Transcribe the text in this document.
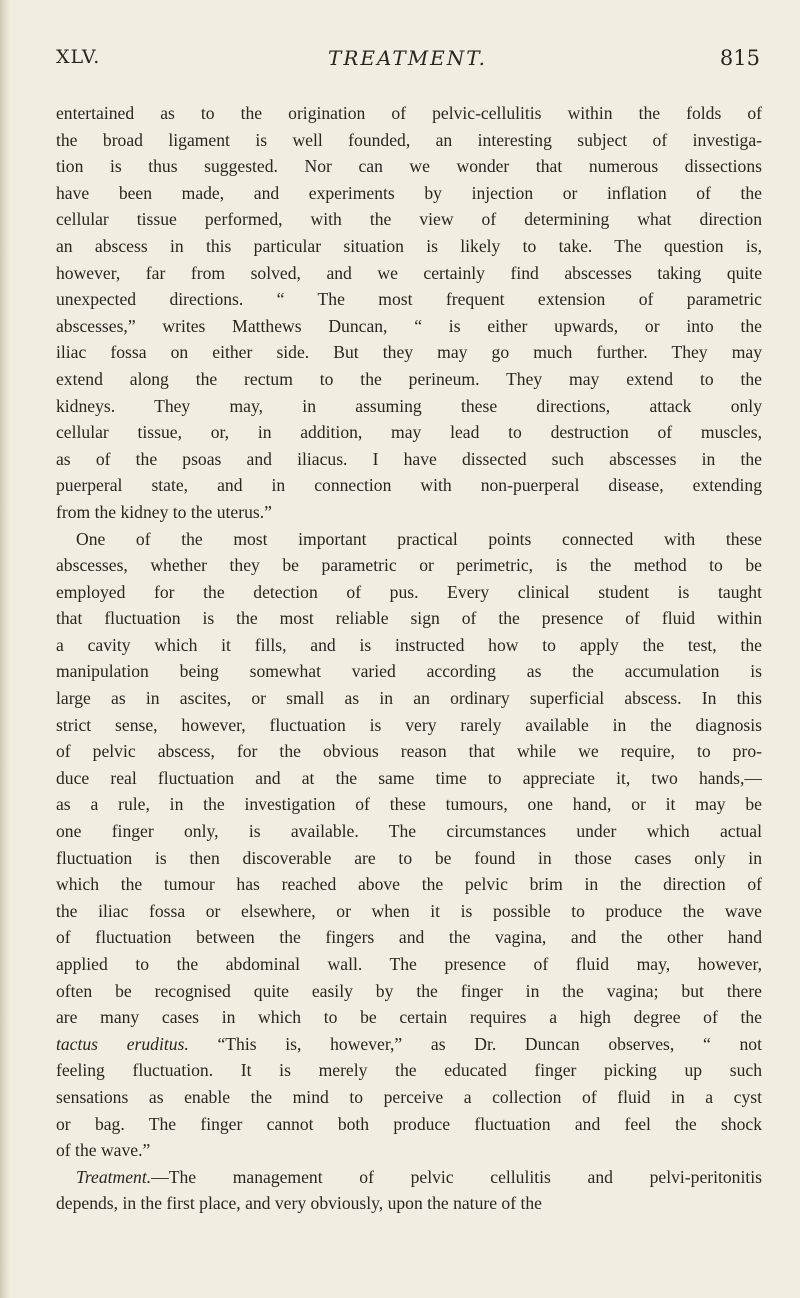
XLV.	TREATMENT.	815
entertained as to the origination of pelvic-cellulitis within the folds of
the broad ligament is well founded, an interesting subject of investiga-
tion is thus suggested. Nor can we wonder that numerous dissections
have been made, and experiments by injection or inflation of the
cellular tissue performed, with the view of determining what direction
an abscess in this particular situation is likely to take. The question is,
however, far from solved, and we certainly find abscesses taking quite
unexpected directions. “ The most frequent extension of parametric
abscesses,” writes Matthews Duncan, “ is either upwards, or into the
iliac fossa on either side. But they may go much further. They may
extend along the rectum to the perineum. They may extend to the
kidneys. They may, in assuming these directions, attack only
cellular tissue, or, in addition, may lead to destruction of muscles,
as of the psoas and iliacus. I have dissected such abscesses in the
puerperal state, and in connection with non-puerperal disease, extending
from the kidney to the uterus.”
One of the most important practical points connected with these
abscesses, whether they be parametric or perimetric, is the method to be
employed for the detection of pus. Every clinical student is taught
that fluctuation is the most reliable sign of the presence of fluid within
a cavity which it fills, and is instructed how to apply the test, the
manipulation being somewhat varied according as the accumulation is
large as in ascites, or small as in an ordinary superficial abscess. In this
strict sense, however, fluctuation is very rarely available in the diagnosis
of pelvic abscess, for the obvious reason that while we require, to pro-
duce real fluctuation and at the same time to appreciate it, two hands,—
as a rule, in the investigation of these tumours, one hand, or it may be
one finger only, is available. The circumstances under which actual
fluctuation is then discoverable are to be found in those cases only in
which the tumour has reached above the pelvic brim in the direction of
the iliac fossa or elsewhere, or when it is possible to produce the wave
of fluctuation between the fingers and the vagina, and the other hand
applied to the abdominal wall. The presence of fluid may, however,
often be recognised quite easily by the finger in the vagina; but there
are many cases in which to be certain requires a high degree of the
tactus eruditus. “This is, however,” as Dr. Duncan observes, “ not
feeling fluctuation. It is merely the educated finger picking up such
sensations as enable the mind to perceive a collection of fluid in a cyst
or bag. The finger cannot both produce fluctuation and feel the shock
of the wave.”
Treatment.—The management of pelvic cellulitis and pelvi-peritonitis
depends, in the first place, and very obviously, upon the nature of the
